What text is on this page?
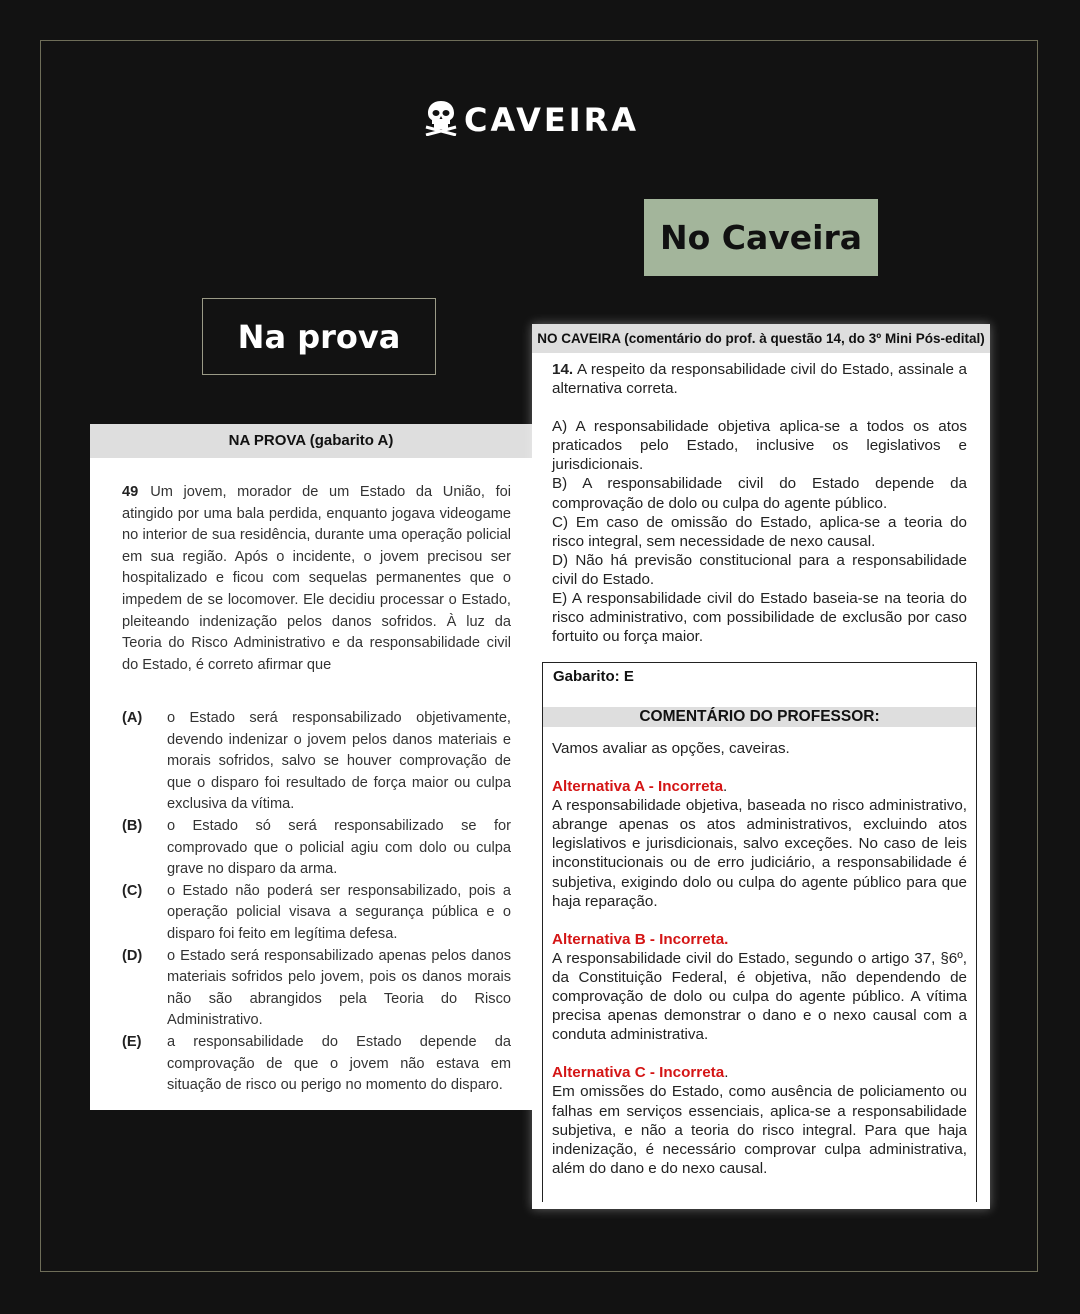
CAVEIRA
No Caveira
Na prova
NA PROVA (gabarito A)
49 Um jovem, morador de um Estado da União, foi atingido por uma bala perdida, enquanto jogava videogame no interior de sua residência, durante uma operação policial em sua região. Após o incidente, o jovem precisou ser hospitalizado e ficou com sequelas permanentes que o impedem de se locomover. Ele decidiu processar o Estado, pleiteando indenização pelos danos sofridos. À luz da Teoria do Risco Administrativo e da responsabilidade civil do Estado, é correto afirmar que
(A)	o Estado será responsabilizado objetivamente, devendo indenizar o jovem pelos danos materiais e morais sofridos, salvo se houver comprovação de que o disparo foi resultado de força maior ou culpa exclusiva da vítima.
(B)	o Estado só será responsabilizado se for comprovado que o policial agiu com dolo ou culpa grave no disparo da arma.
(C)	o Estado não poderá ser responsabilizado, pois a operação policial visava a segurança pública e o disparo foi feito em legítima defesa.
(D)	o Estado será responsabilizado apenas pelos danos materiais sofridos pelo jovem, pois os danos morais não são abrangidos pela Teoria do Risco Administrativo.
(E)	a responsabilidade do Estado depende da comprovação de que o jovem não estava em situação de risco ou perigo no momento do disparo.
NO CAVEIRA (comentário do prof. à questão 14, do 3º Mini Pós-edital)

14. A respeito da responsabilidade civil do Estado, assinale a alternativa correta.

A) A responsabilidade objetiva aplica-se a todos os atos praticados pelo Estado, inclusive os legislativos e jurisdicionais.

B) A responsabilidade civil do Estado depende da comprovação de dolo ou culpa do agente público.

C) Em caso de omissão do Estado, aplica-se a teoria do risco integral, sem necessidade de nexo causal.

D) Não há previsão constitucional para a responsabilidade civil do Estado.

E) A responsabilidade civil do Estado baseia-se na teoria do risco administrativo, com possibilidade de exclusão por caso fortuito ou força maior.

Gabarito: E
COMENTÁRIO DO PROFESSOR:

Vamos avaliar as opções, caveiras.

Alternativa A - Incorreta.

A responsabilidade objetiva, baseada no risco administrativo, abrange apenas os atos administrativos, excluindo atos legislativos e jurisdicionais, salvo exceções. No caso de leis inconstitucionais ou de erro judiciário, a responsabilidade é subjetiva, exigindo dolo ou culpa do agente público para que haja reparação.

Alternativa B - Incorreta.

A responsabilidade civil do Estado, segundo o artigo 37, §6º, da Constituição Federal, é objetiva, não dependendo de comprovação de dolo ou culpa do agente público. A vítima precisa apenas demonstrar o dano e o nexo causal com a conduta administrativa.

Alternativa C - Incorreta.

Em omissões do Estado, como ausência de policiamento ou falhas em serviços essenciais, aplica-se a responsabilidade subjetiva, e não a teoria do risco integral. Para que haja indenização, é necessário comprovar culpa administrativa, além do dano e do nexo causal.
